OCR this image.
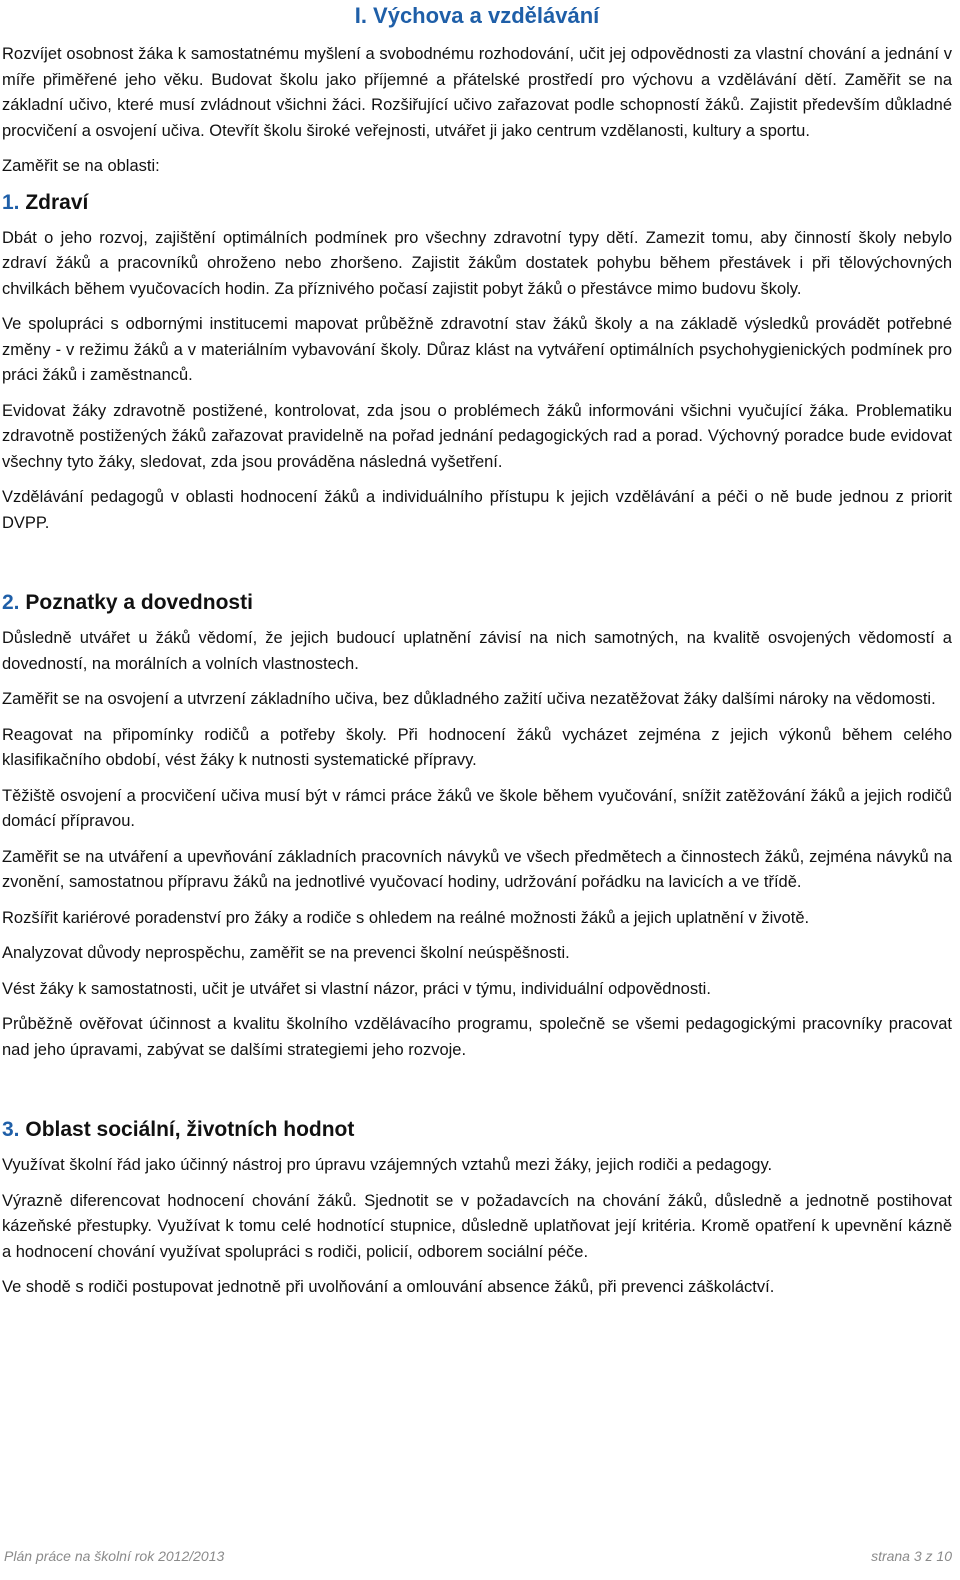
I. Výchova a vzdělávání

Rozvíjet osobnost žáka k samostatnému myšlení a svobodnému rozhodování, učit jej odpovědnosti za vlastní chování a jednání v míře přiměřené jeho věku. Budovat školu jako příjemné a přátelské prostředí pro výchovu a vzdělávání dětí. Zaměřit se na základní učivo, které musí zvládnout všichni žáci. Rozšiřující učivo zařazovat podle schopností žáků. Zajistit především důkladné procvičení a osvojení učiva. Otevřít školu široké veřejnosti, utvářet ji jako centrum vzdělanosti, kultury a sportu.

Zaměřit se na oblasti:

1. Zdraví

Dbát o jeho rozvoj, zajištění optimálních podmínek pro všechny zdravotní typy dětí. Zamezit tomu, aby činností školy nebylo zdraví žáků a pracovníků ohroženo nebo zhoršeno. Zajistit žákům dostatek pohybu během přestávek i při tělovýchovných chvilkách během vyučovacích hodin. Za příznivého počasí zajistit pobyt žáků o přestávce mimo budovu školy.

Ve spolupráci s odbornými institucemi mapovat průběžně zdravotní stav žáků školy a na základě výsledků provádět potřebné změny - v režimu žáků a v materiálním vybavování školy. Důraz klást na vytváření optimálních psychohygienických podmínek pro práci žáků i zaměstnanců.

Evidovat žáky zdravotně postižené, kontrolovat, zda jsou o problémech žáků informováni všichni vyučující žáka. Problematiku zdravotně postižených žáků zařazovat pravidelně na pořad jednání pedagogických rad a porad. Výchovný poradce bude evidovat všechny tyto žáky, sledovat, zda jsou prováděna následná vyšetření.

Vzdělávání pedagogů v oblasti hodnocení žáků a individuálního přístupu k jejich vzdělávání a péči o ně bude jednou z priorit DVPP.

2. Poznatky a dovednosti

Důsledně utvářet u žáků vědomí, že jejich budoucí uplatnění závisí na nich samotných, na kvalitě osvojených vědomostí a dovedností, na morálních a volních vlastnostech.

Zaměřit se na osvojení a utvrzení základního učiva, bez důkladného zažití učiva nezatěžovat žáky dalšími nároky na vědomosti.

Reagovat na připomínky rodičů a potřeby školy. Při hodnocení žáků vycházet zejména z jejich výkonů během celého klasifikačního období, vést žáky k nutnosti systematické přípravy.

Těžiště osvojení a procvičení učiva musí být v rámci práce žáků ve škole během vyučování, snížit zatěžování žáků a jejich rodičů domácí přípravou.

Zaměřit se na utváření a upevňování základních pracovních návyků ve všech předmětech a činnostech žáků, zejména návyků na zvonění, samostatnou přípravu žáků na jednotlivé vyučovací hodiny, udržování pořádku na lavicích a ve třídě.

Rozšířit kariérové poradenství pro žáky a rodiče s ohledem na reálné možnosti žáků a jejich uplatnění v životě.

Analyzovat důvody neprospěchu, zaměřit se na prevenci školní neúspěšnosti.

Vést žáky k samostatnosti, učit je utvářet si vlastní názor, práci v týmu, individuální odpovědnosti.

Průběžně ověřovat účinnost a kvalitu školního vzdělávacího programu, společně se všemi pedagogickými pracovníky pracovat nad jeho úpravami, zabývat se dalšími strategiemi jeho rozvoje.

3. Oblast sociální, životních hodnot

Využívat školní řád jako účinný nástroj pro úpravu vzájemných vztahů mezi žáky, jejich rodiči a pedagogy.

Výrazně diferencovat hodnocení chování žáků. Sjednotit se v požadavcích na chování žáků, důsledně a jednotně postihovat kázeňské přestupky. Využívat k tomu celé hodnotící stupnice, důsledně uplatňovat její kritéria. Kromě opatření k upevnění kázně a hodnocení chování využívat spolupráci s rodiči, policií, odborem sociální péče.

Ve shodě s rodiči postupovat jednotně při uvolňování a omlouvání absence žáků, při prevenci záškoláctví.

Plán práce na školní rok 2012/2013	strana 3 z 10
